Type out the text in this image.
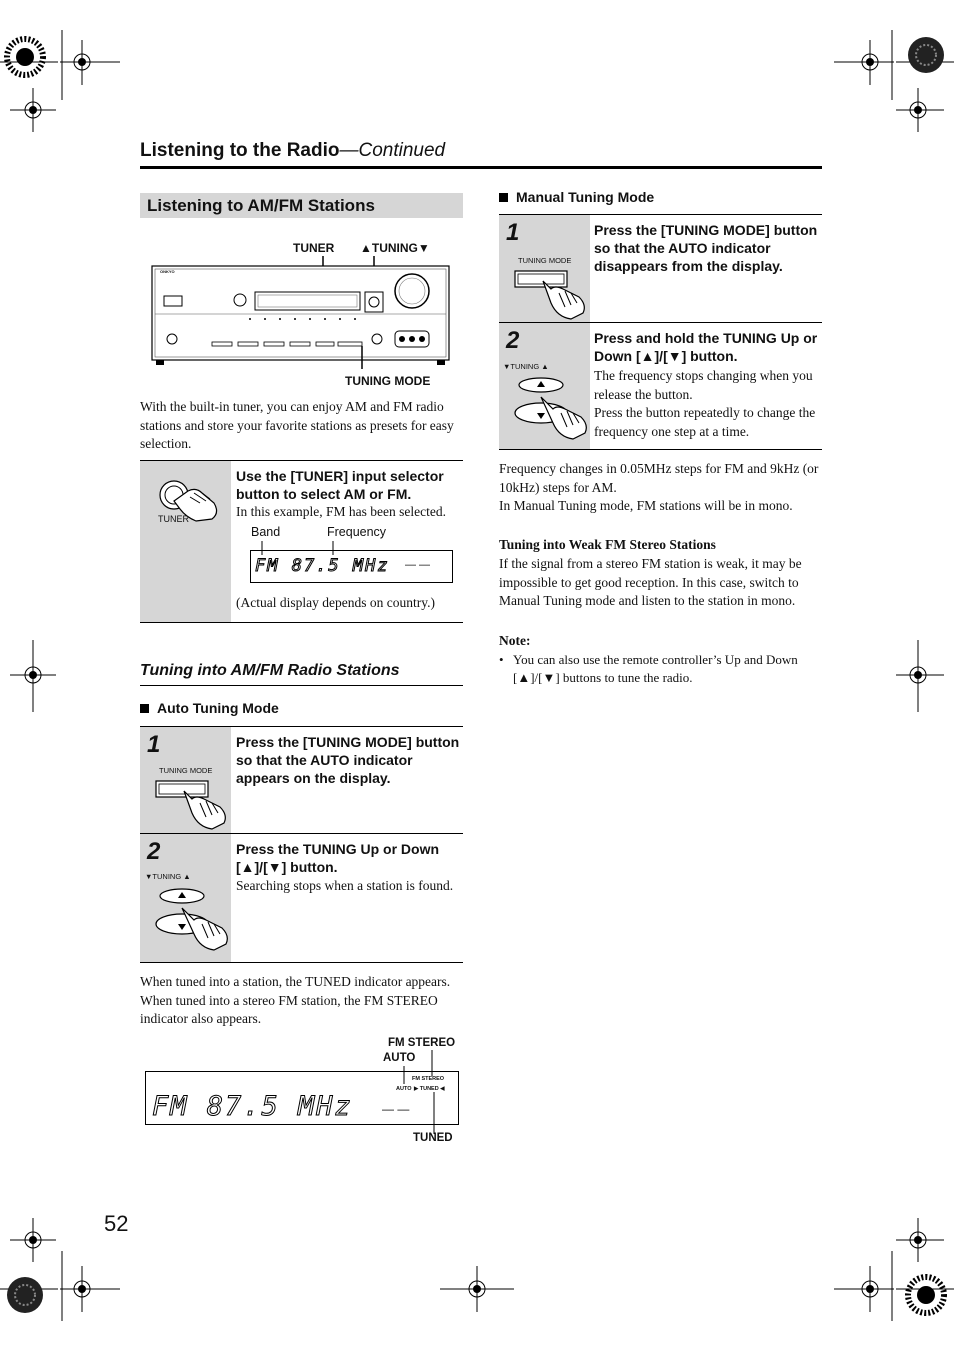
Listening to the Radio—Continued
Listening to AM/FM Stations
TUNER ▲TUNING▼
ONKYO
TUNING MODE
With the built-in tuner, you can enjoy AM and FM radio stations and store your favorite stations as presets for easy selection.
TUNER
Use the [TUNER] input selector button to select AM or FM.
In this example, FM has been selected.
Band	Frequency
FM 87.5 MHz — —
(Actual display depends on country.)
Tuning into AM/FM Radio Stations
Auto Tuning Mode
1
TUNING MODE
Press the [TUNING MODE] button so that the AUTO indicator appears on the display.
2
▼TUNING ▲
Press the TUNING Up or Down [▲]/[▼] button.
Searching stops when a station is found.
When tuned into a station, the TUNED indicator appears. When tuned into a stereo FM station, the FM STEREO indicator also appears.
FM STEREO
AUTO
FM STEREO
AUTO ▶ TUNED ◀
FM 87.5 MHz — —
TUNED
Manual Tuning Mode
1
TUNING MODE
Press the [TUNING MODE] button so that the AUTO indicator disappears from the display.
2
▼TUNING ▲
Press and hold the TUNING Up or Down [▲]/[▼] button.
The frequency stops changing when you release the button.
Press the button repeatedly to change the frequency one step at a time.
Frequency changes in 0.05MHz steps for FM and 9kHz (or 10kHz) steps for AM.
In Manual Tuning mode, FM stations will be in mono.
Tuning into Weak FM Stereo Stations
If the signal from a stereo FM station is weak, it may be impossible to get good reception. In this case, switch to Manual Tuning mode and listen to the station in mono.
Note:
• You can also use the remote controller’s Up and Down [▲]/[▼] buttons to tune the radio.
52
